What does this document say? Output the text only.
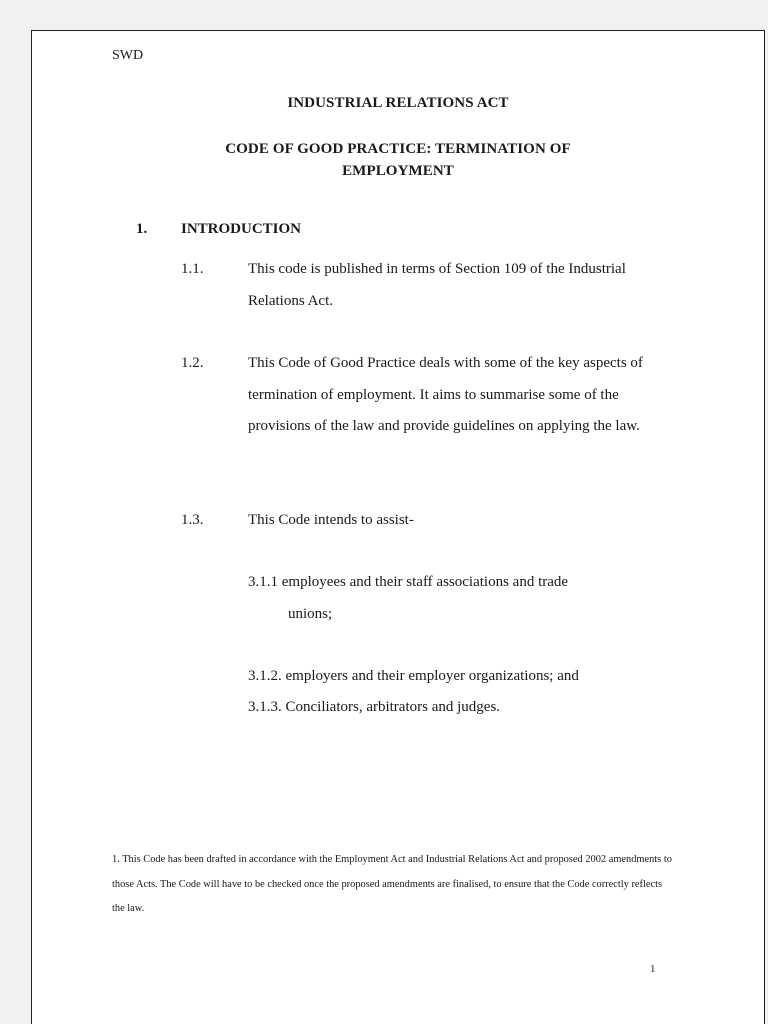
SWD
INDUSTRIAL RELATIONS ACT
CODE OF GOOD PRACTICE: TERMINATION OF
EMPLOYMENT
1. INTRODUCTION
1.1.	This code is published in terms of Section 109 of the Industrial Relations Act.
1.2.	This Code of Good Practice deals with some of the key aspects of termination of employment. It aims to summarise some of the provisions of the law and provide guidelines on applying the law.
1.3.	This Code intends to assist-
3.1.1 employees and their staff associations and trade
unions;
3.1.2. employers and their employer organizations; and
3.1.3. Conciliators, arbitrators and judges.
1. This Code has been drafted in accordance with the Employment Act and Industrial Relations Act and proposed 2002 amendments to those Acts. The Code will have to be checked once the proposed amendments are finalised, to ensure that the Code correctly reflects the law.
1
